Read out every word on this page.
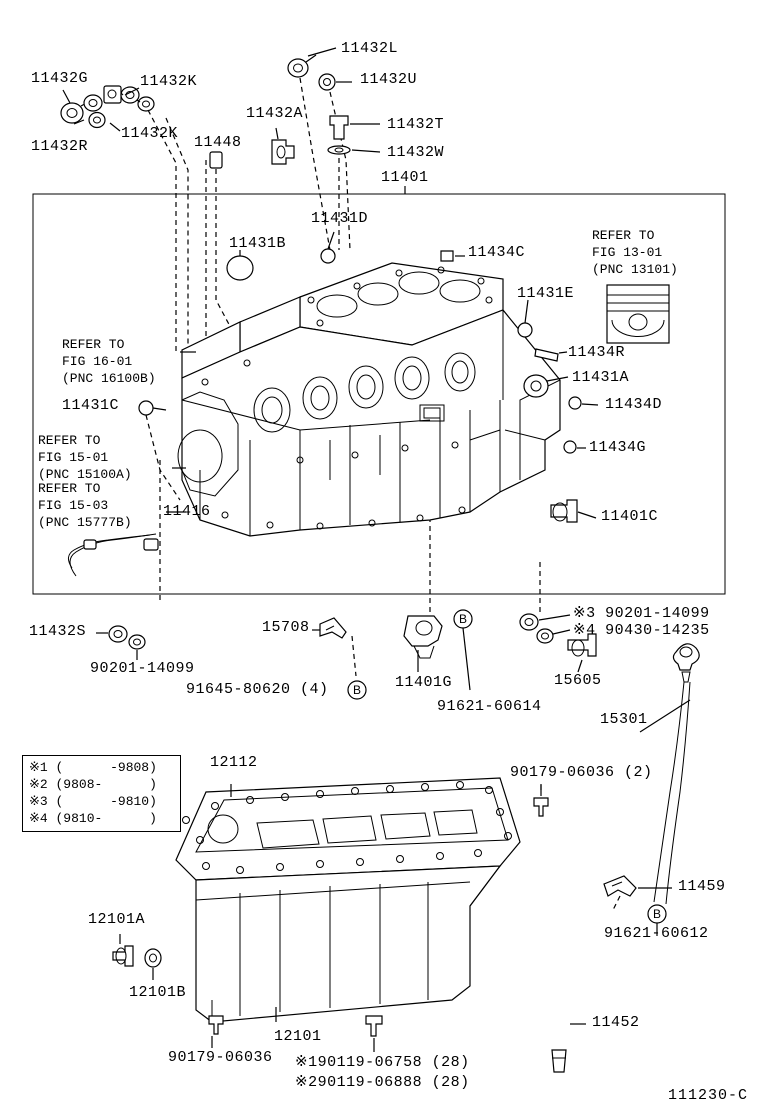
11432G	11432K
11432R
11432K
11448
11432L
11432U
11432A
11432T
11432W
11401
11431D
11431B
11434C
11431E
11434R
11431A
11434D
11434G
11431C
11416	11401C
REFER TO
FIG 16-01
(PNC 16100B)
REFER TO
FIG 13-01
(PNC 13101)
REFER TO
FIG 15-01
(PNC 15100A)
REFER TO
FIG 15-03
(PNC 15777B)
11432S
90201-14099
15708
91645-80620 (4)	11401G
91621-60614
※3 90201-14099
※4 90430-14235
15605
15301
12112
90179-06036 (2)
11459
91621-60612
12101A
12101B
12101
90179-06036 ※190119-06758 (28)
※290119-06888 (28)
11452
※1 (      -9808)
※2 (9808-      )
※3 (      -9810)
※4 (9810-      )
B
B
B
111230-C
